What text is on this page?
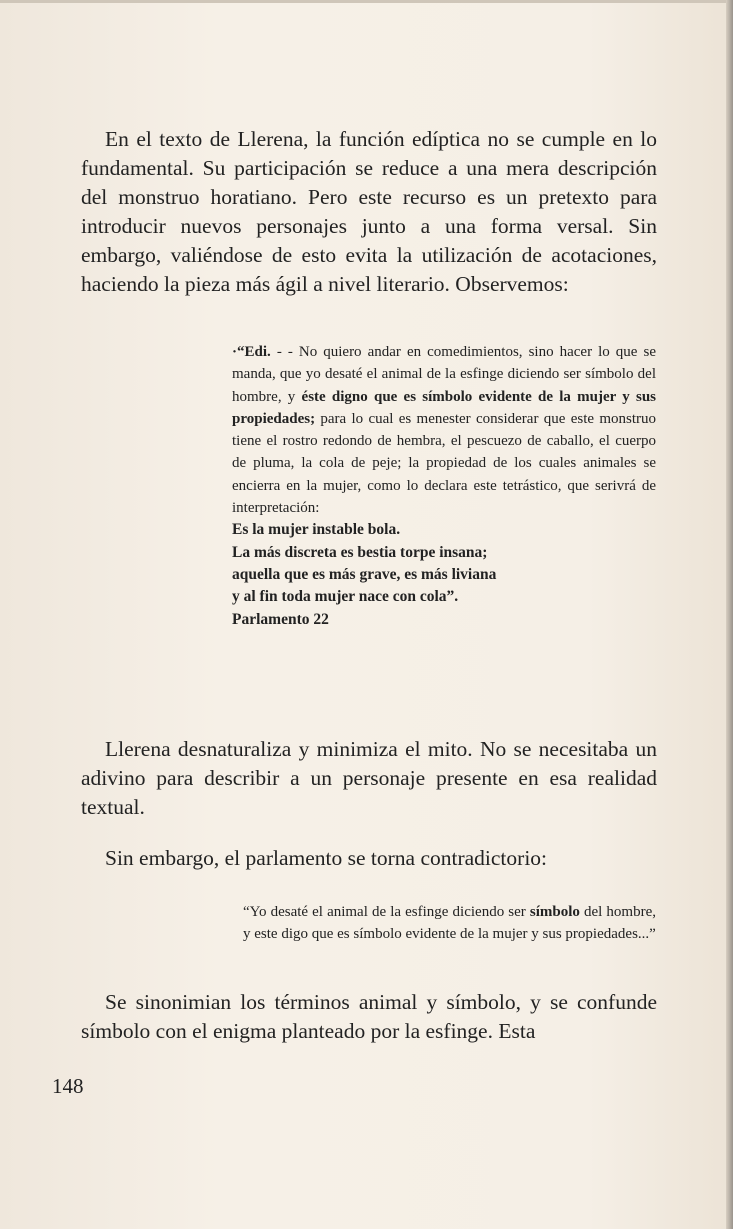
En el texto de Llerena, la función edíptica no se cumple en lo fundamental. Su participación se reduce a una mera descripción del monstruo horatiano. Pero este recurso es un pretexto para introducir nuevos personajes junto a una forma versal. Sin embargo, valiéndose de esto evita la utilización de acotaciones, haciendo la pieza más ágil a nivel literario. Observemos:

·“Edi. - - No quiero andar en comedimientos, sino hacer lo que se manda, que yo desaté el animal de la esfinge diciendo ser símbolo del hombre, y éste digno que es símbolo evidente de la mujer y sus propiedades; para lo cual es menester considerar que este monstruo tiene el rostro redondo de hembra, el pescuezo de caballo, el cuerpo de pluma, la cola de peje; la propiedad de los cuales animales se encierra en la mujer, como lo declara este tetrástico, que serivrá de interpretación:

Es la mujer instable bola.

La más discreta es bestia torpe insana;

aquella que es más grave, es más liviana

y al fin toda mujer nace con cola”.

Parlamento 22

Llerena desnaturaliza y minimiza el mito. No se necesitaba un adivino para describir a un personaje presente en esa realidad textual.

Sin embargo, el parlamento se torna contradictorio:

“Yo desaté el animal de la esfinge diciendo ser símbolo del hombre, y este digo que es símbolo evidente de la mujer y sus propiedades...”

Se sinonimian los términos animal y símbolo, y se confunde símbolo con el enigma planteado por la esfinge. Esta

148
